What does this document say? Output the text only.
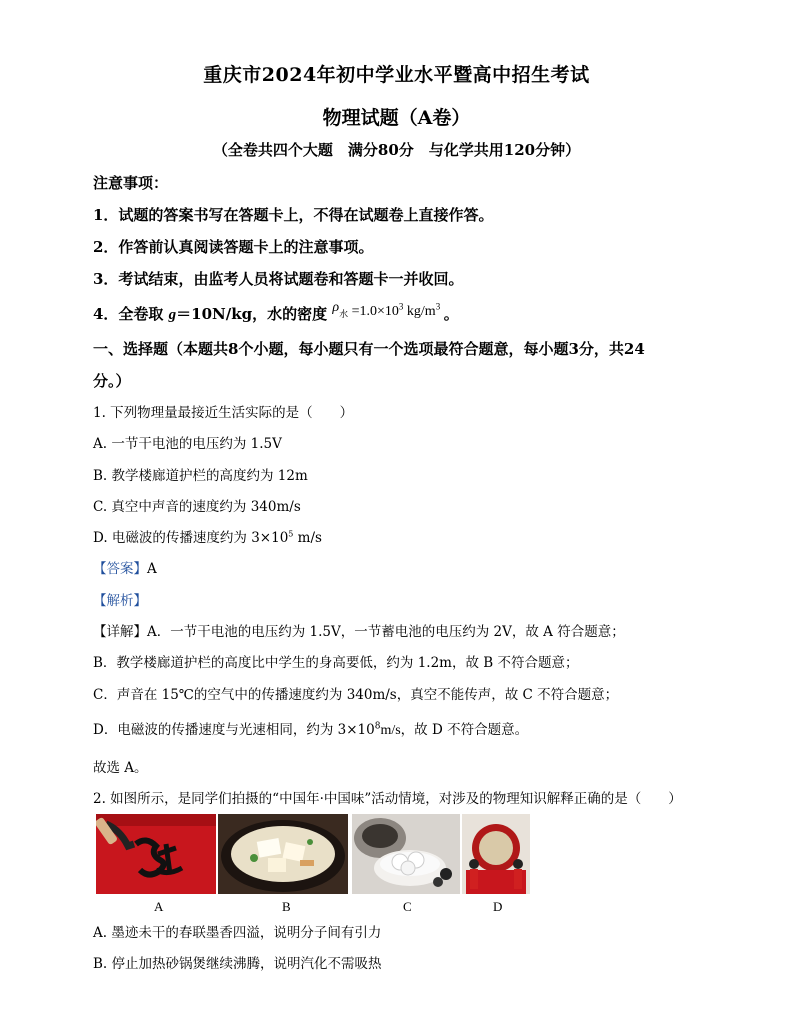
重庆市2024年初中学业水平暨高中招生考试
物理试题（A卷）
（全卷共四个大题　满分80分　与化学共用120分钟）
注意事项：
1．试题的答案书写在答题卡上，不得在试题卷上直接作答。
2．作答前认真阅读答题卡上的注意事项。
3．考试结束，由监考人员将试题卷和答题卡一并收回。
4．全卷取 g＝10N/kg，水的密度 $\rho_水 =1.0\times 10^3$ $kg/m^3$ 。
一、选择题（本题共8个小题，每小题只有一个选项最符合题意，每小题3分，共24
分。）
1. 下列物理量最接近生活实际的是（　　）
A. 一节干电池的电压约为 1.5V
B. 教学楼廊道护栏的高度约为 12m
C. 真空中声音的速度约为 340m/s
D. 电磁波的传播速度约为 $3\times 10^5$ m/s
【答案】A
【解析】
【详解】A．一节干电池的电压约为 1.5V，一节蓄电池的电压约为 2V，故 A 符合题意；
B．教学楼廊道护栏的高度比中学生的身高要低，约为 1.2m，故 B 不符合题意；
C．声音在 15℃的空气中的传播速度约为 340m/s，真空不能传声，故 C 不符合题意；
D．电磁波的传播速度与光速相同，约为 $3\times 10^8m/s$，故 D 不符合题意。
故选 A。
2. 如图所示，是同学们拍摄的“中国年·中国味”活动情境，对涉及的物理知识解释正确的是（　　）
A	B	C	D
A. 墨迹未干的春联墨香四溢，说明分子间有引力
B. 停止加热砂锅煲继续沸腾，说明汽化不需吸热
